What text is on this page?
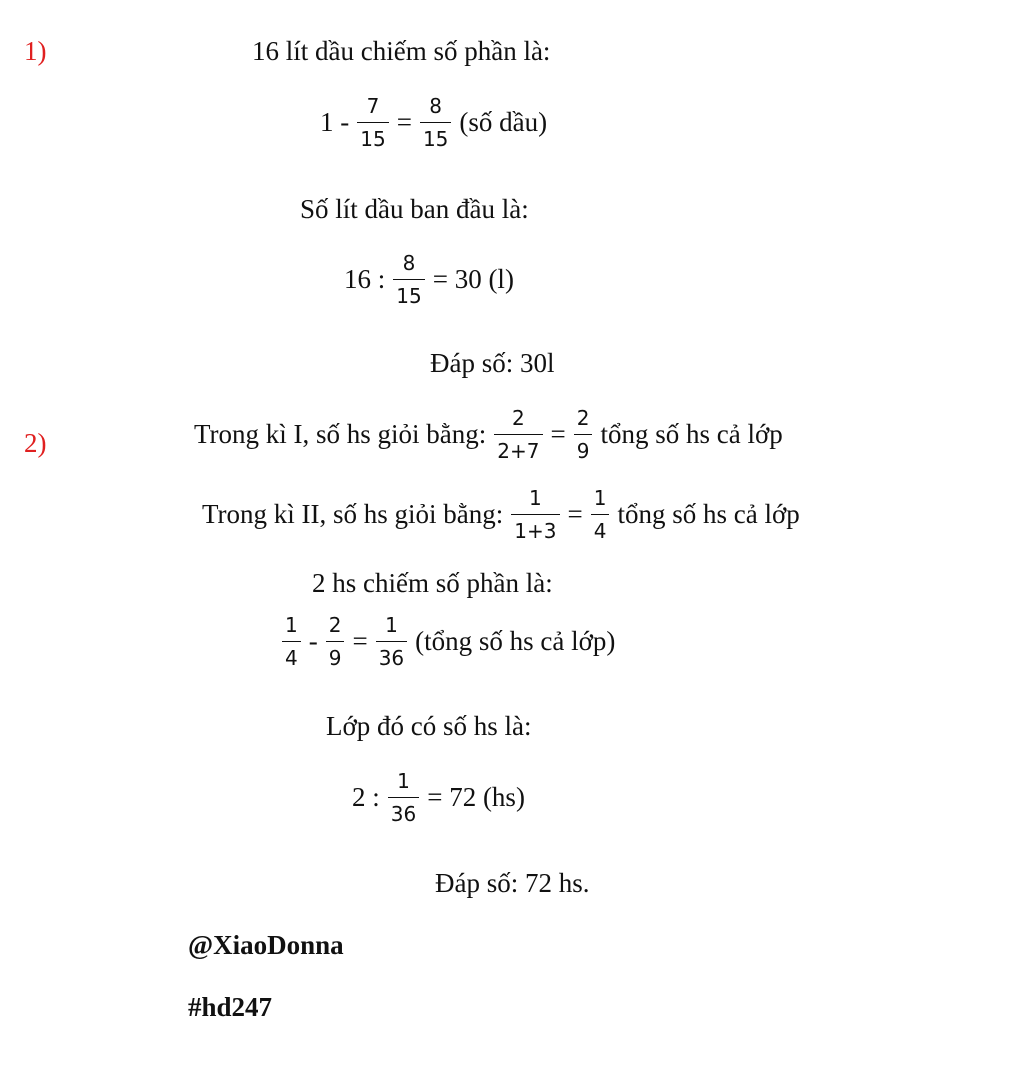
1)	16 lít dầu chiếm số phần là:
$1 - \frac{7}{15} = \frac{8}{15}$ (số dầu)
Số lít dầu ban đầu là:
16 : $\frac{8}{15} = 30$ (l)
Đáp số: 30l
2)	Trong kì I, số hs giỏi bằng: $\frac{2}{2+7} = \frac{2}{9}$ tổng số hs cả lớp
Trong kì II, số hs giỏi bằng: $\frac{1}{1+3} = \frac{1}{4}$ tổng số hs cả lớp
2 hs chiếm số phần là:
$\frac{1}{4} - \frac{2}{9} = \frac{1}{36}$ (tổng số hs cả lớp)
Lớp đó có số hs là:
2 : $\frac{1}{36} = 72$ (hs)
Đáp số: 72 hs.
@XiaoDonna
#hd247
